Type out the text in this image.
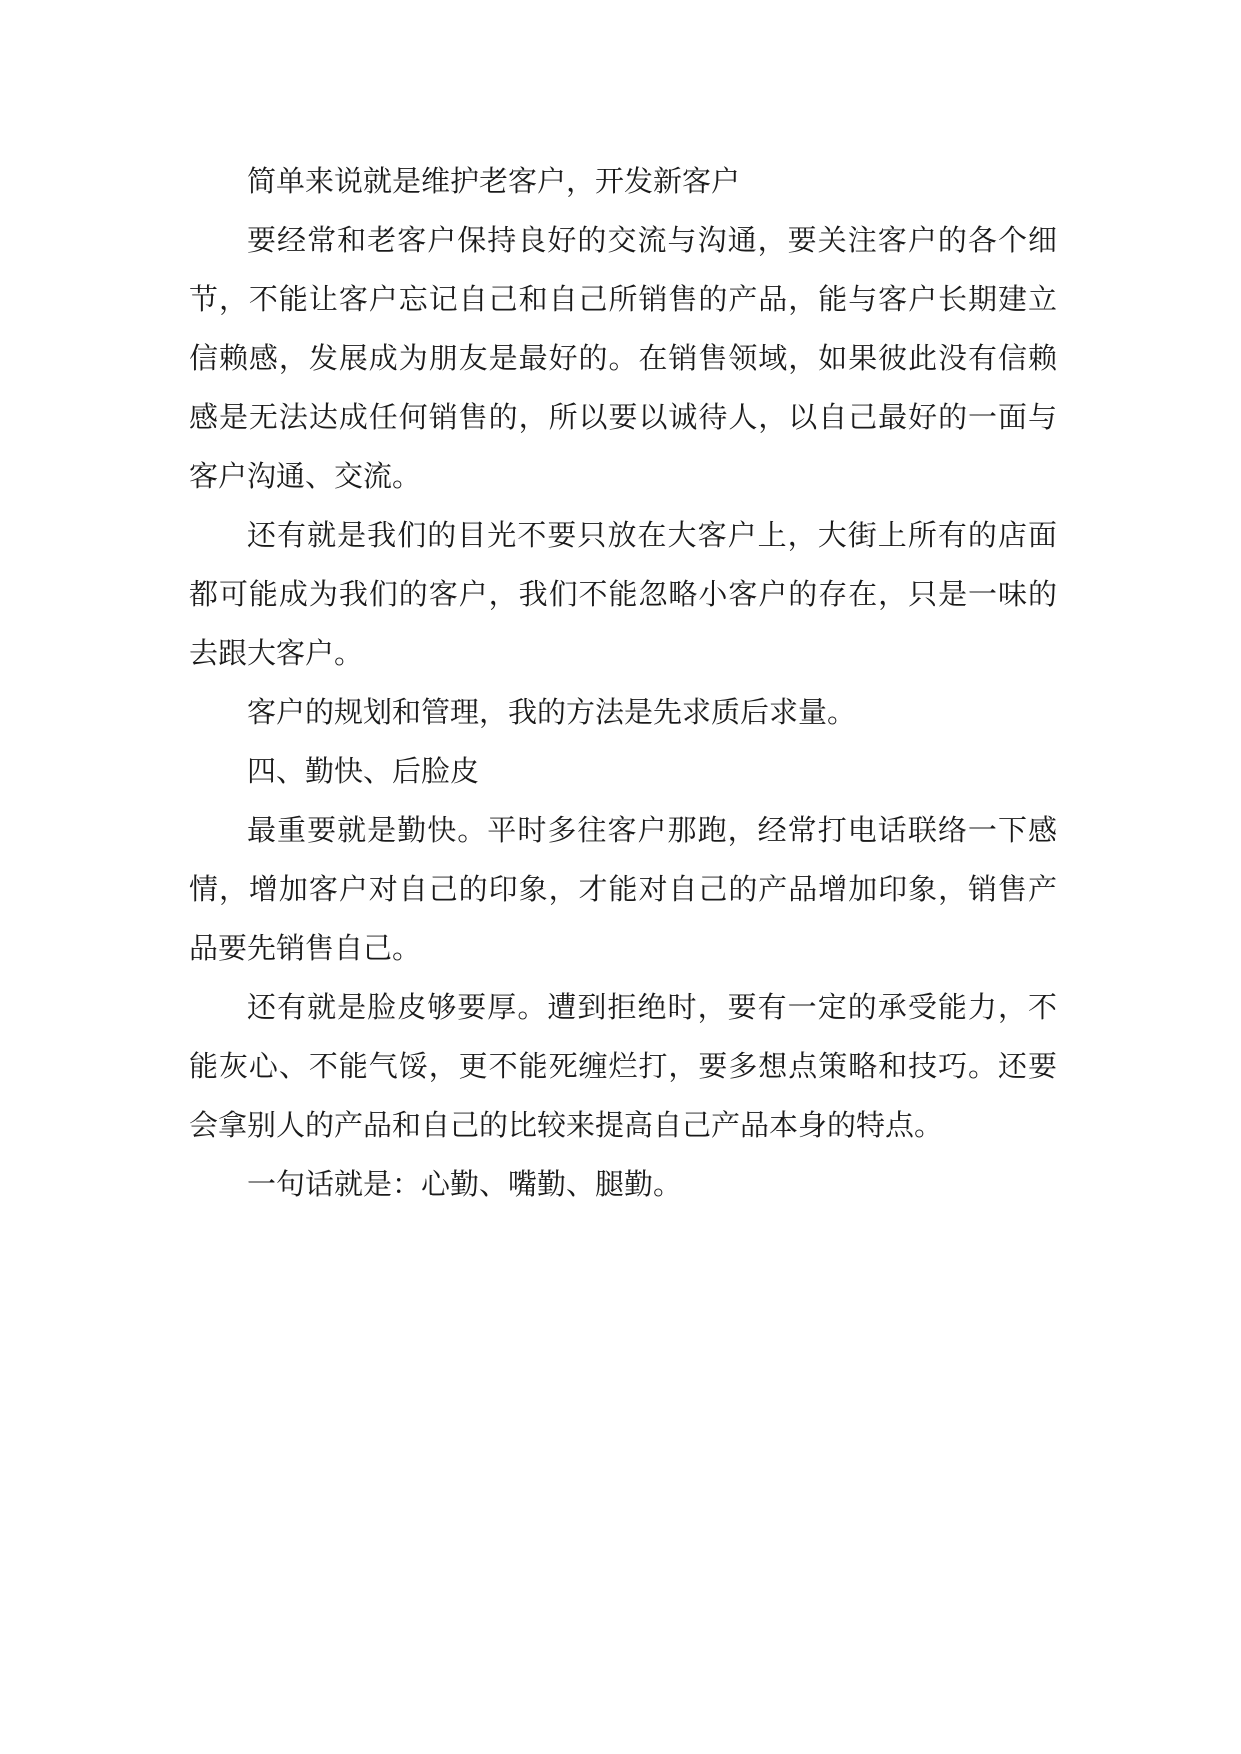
简单来说就是维护老客户，开发新客户

要经常和老客户保持良好的交流与沟通，要关注客户的各个细节，不能让客户忘记自己和自己所销售的产品，能与客户长期建立信赖感，发展成为朋友是最好的。在销售领域，如果彼此没有信赖感是无法达成任何销售的，所以要以诚待人，以自己最好的一面与客户沟通、交流。

还有就是我们的目光不要只放在大客户上，大街上所有的店面都可能成为我们的客户，我们不能忽略小客户的存在，只是一味的去跟大客户。

客户的规划和管理，我的方法是先求质后求量。

四、勤快、后脸皮

最重要就是勤快。平时多往客户那跑，经常打电话联络一下感情，增加客户对自己的印象，才能对自己的产品增加印象，销售产品要先销售自己。

还有就是脸皮够要厚。遭到拒绝时，要有一定的承受能力，不能灰心、不能气馁，更不能死缠烂打，要多想点策略和技巧。还要会拿别人的产品和自己的比较来提高自己产品本身的特点。

一句话就是：心勤、嘴勤、腿勤。
